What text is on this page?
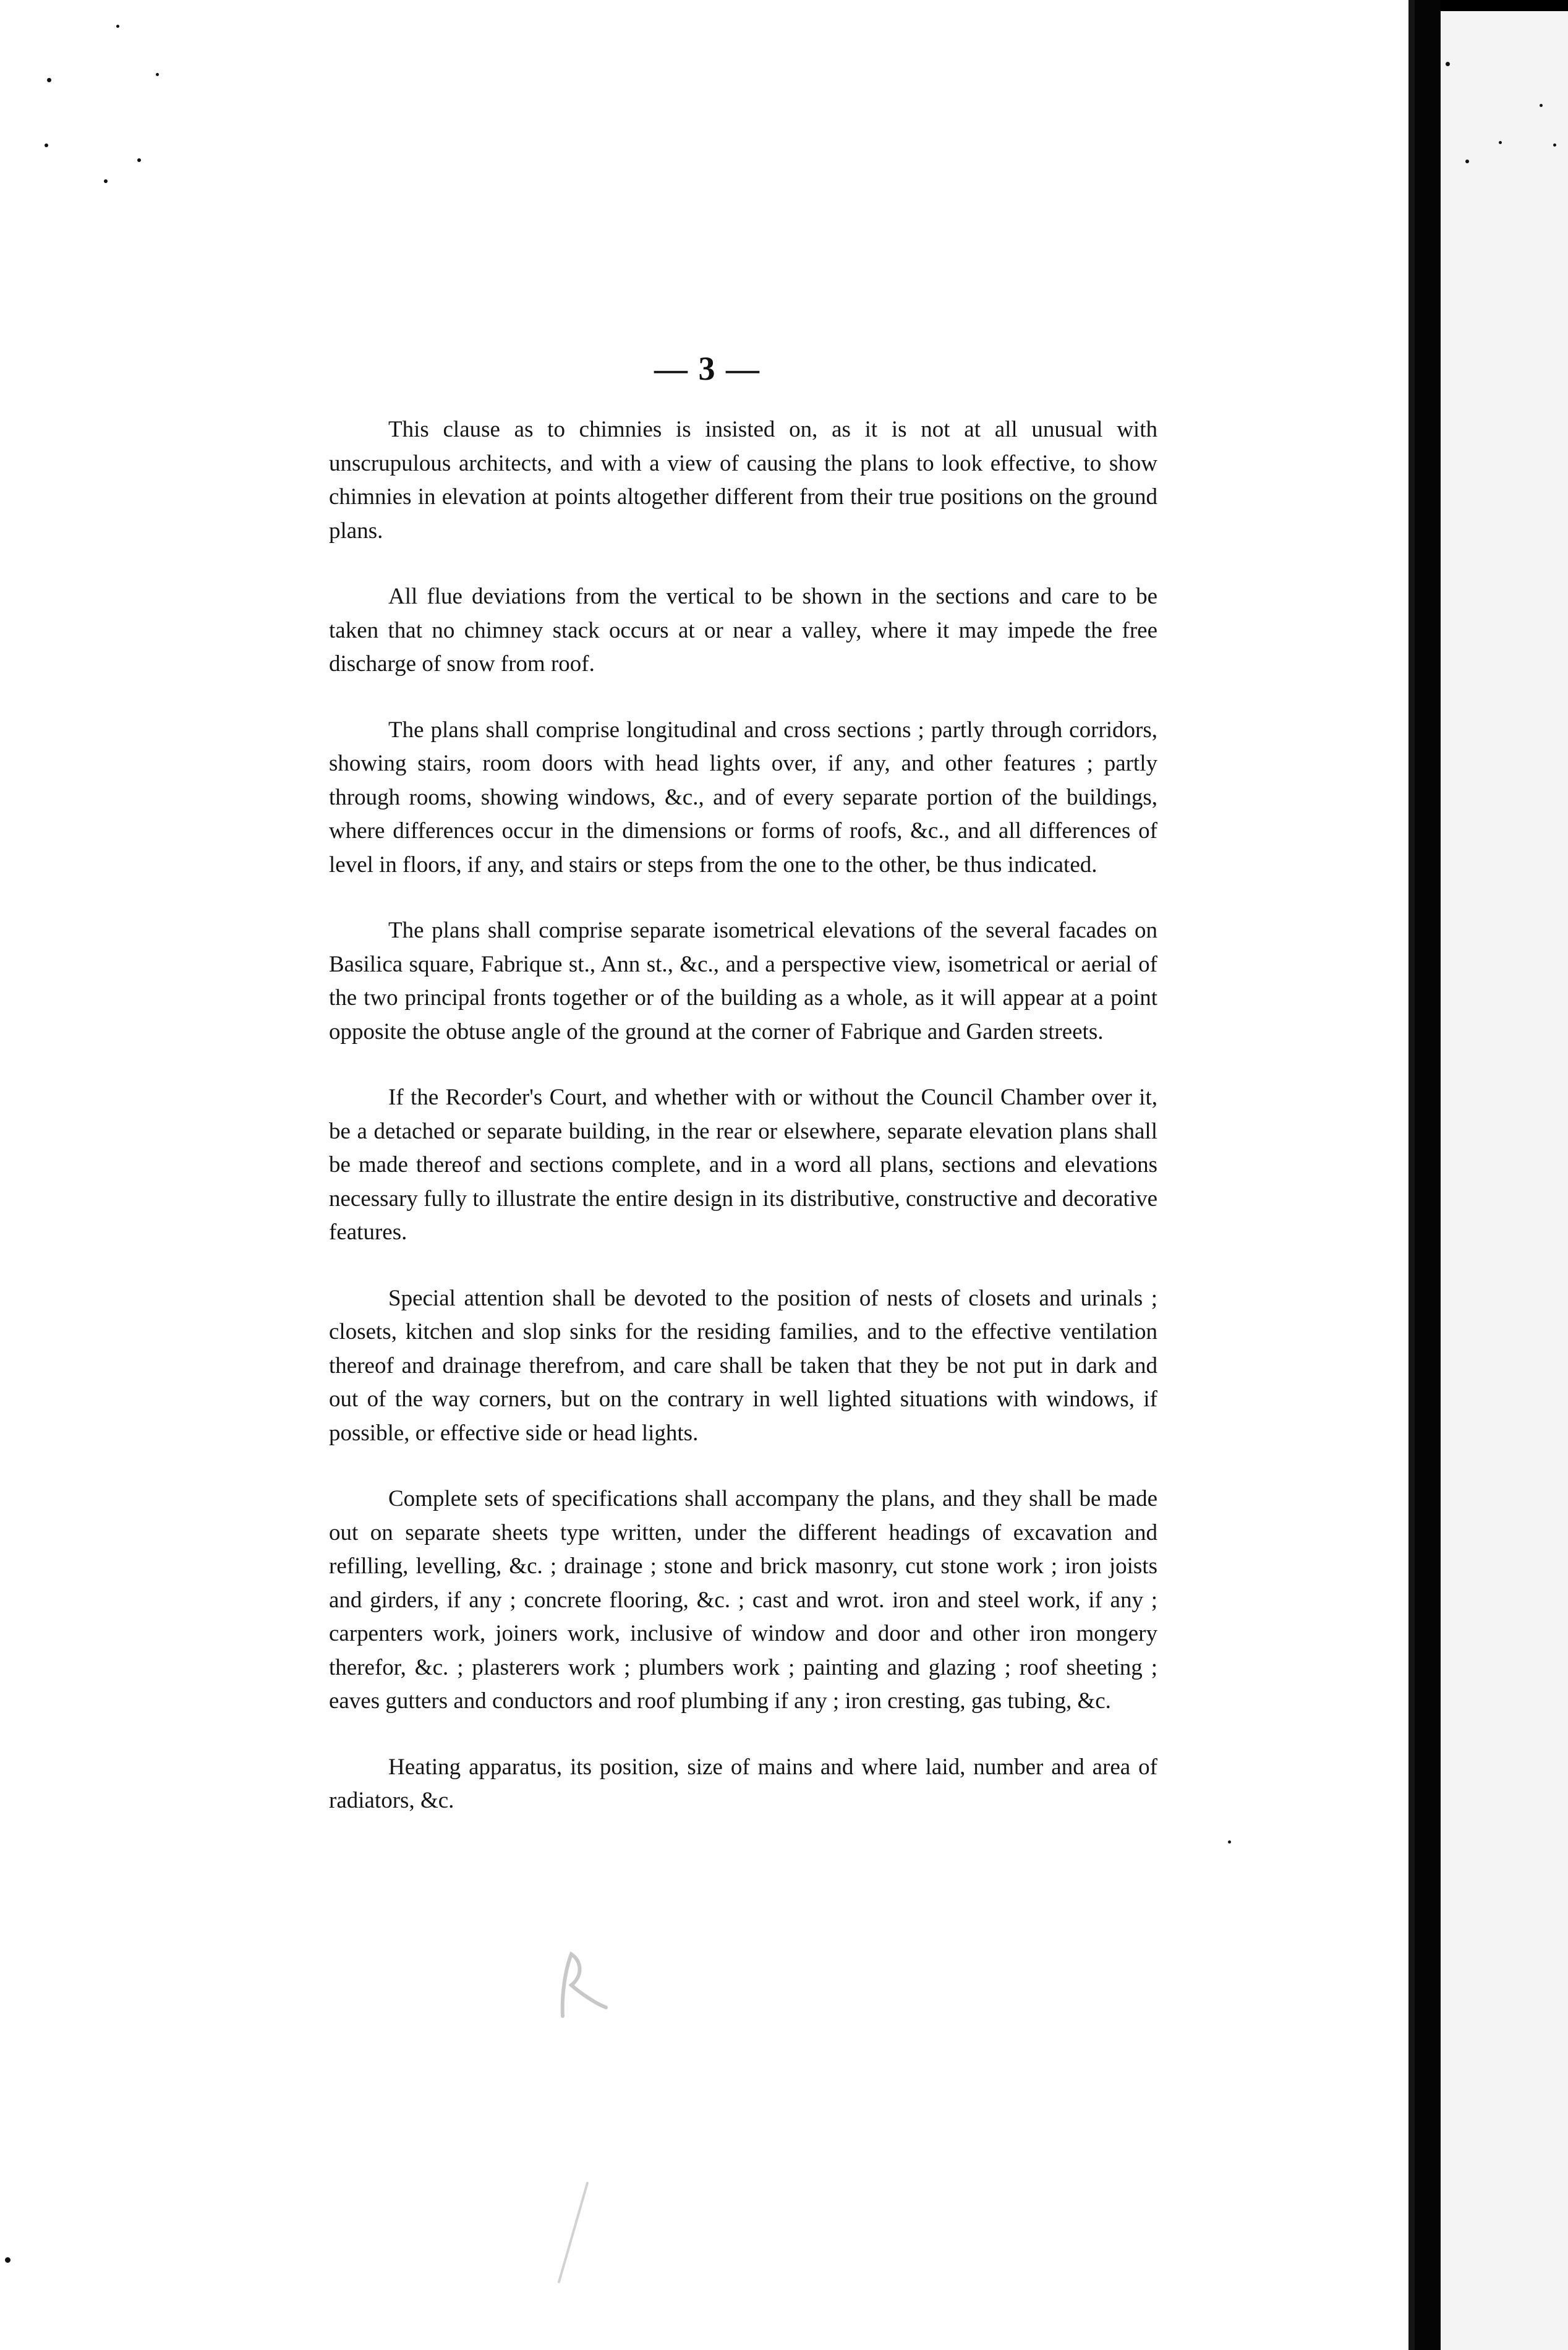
— 3 —

This clause as to chimnies is insisted on, as it is not at all unusual with unscrupulous architects, and with a view of causing the plans to look effective, to show chimnies in elevation at points altogether different from their true positions on the ground plans.

All flue deviations from the vertical to be shown in the sections and care to be taken that no chimney stack occurs at or near a valley, where it may impede the free discharge of snow from roof.

The plans shall comprise longitudinal and cross sections ; partly through corridors, showing stairs, room doors with head lights over, if any, and other features ; partly through rooms, showing windows, &c., and of every separate portion of the buildings, where differences occur in the dimensions or forms of roofs, &c., and all differences of level in floors, if any, and stairs or steps from the one to the other, be thus indicated.

The plans shall comprise separate isometrical elevations of the several facades on Basilica square, Fabrique st., Ann st., &c., and a perspective view, isometrical or aerial of the two principal fronts together or of the building as a whole, as it will appear at a point opposite the obtuse angle of the ground at the corner of Fabrique and Garden streets.

If the Recorder's Court, and whether with or without the Council Chamber over it, be a detached or separate building, in the rear or elsewhere, separate elevation plans shall be made thereof and sections complete, and in a word all plans, sections and elevations necessary fully to illustrate the entire design in its distributive, constructive and decorative features.

Special attention shall be devoted to the position of nests of closets and urinals ; closets, kitchen and slop sinks for the residing families, and to the effective ventilation thereof and drainage therefrom, and care shall be taken that they be not put in dark and out of the way corners, but on the contrary in well lighted situations with windows, if possible, or effective side or head lights.

Complete sets of specifications shall accompany the plans, and they shall be made out on separate sheets type written, under the different headings of excavation and refilling, levelling, &c. ; drainage ; stone and brick masonry, cut stone work ; iron joists and girders, if any ; concrete flooring, &c. ; cast and wrot. iron and steel work, if any ; carpenters work, joiners work, inclusive of window and door and other iron mongery therefor, &c. ; plasterers work ; plumbers work ; painting and glazing ; roof sheeting ; eaves gutters and conductors and roof plumbing if any ; iron cresting, gas tubing, &c.

Heating apparatus, its position, size of mains and where laid, number and area of radiators, &c.
